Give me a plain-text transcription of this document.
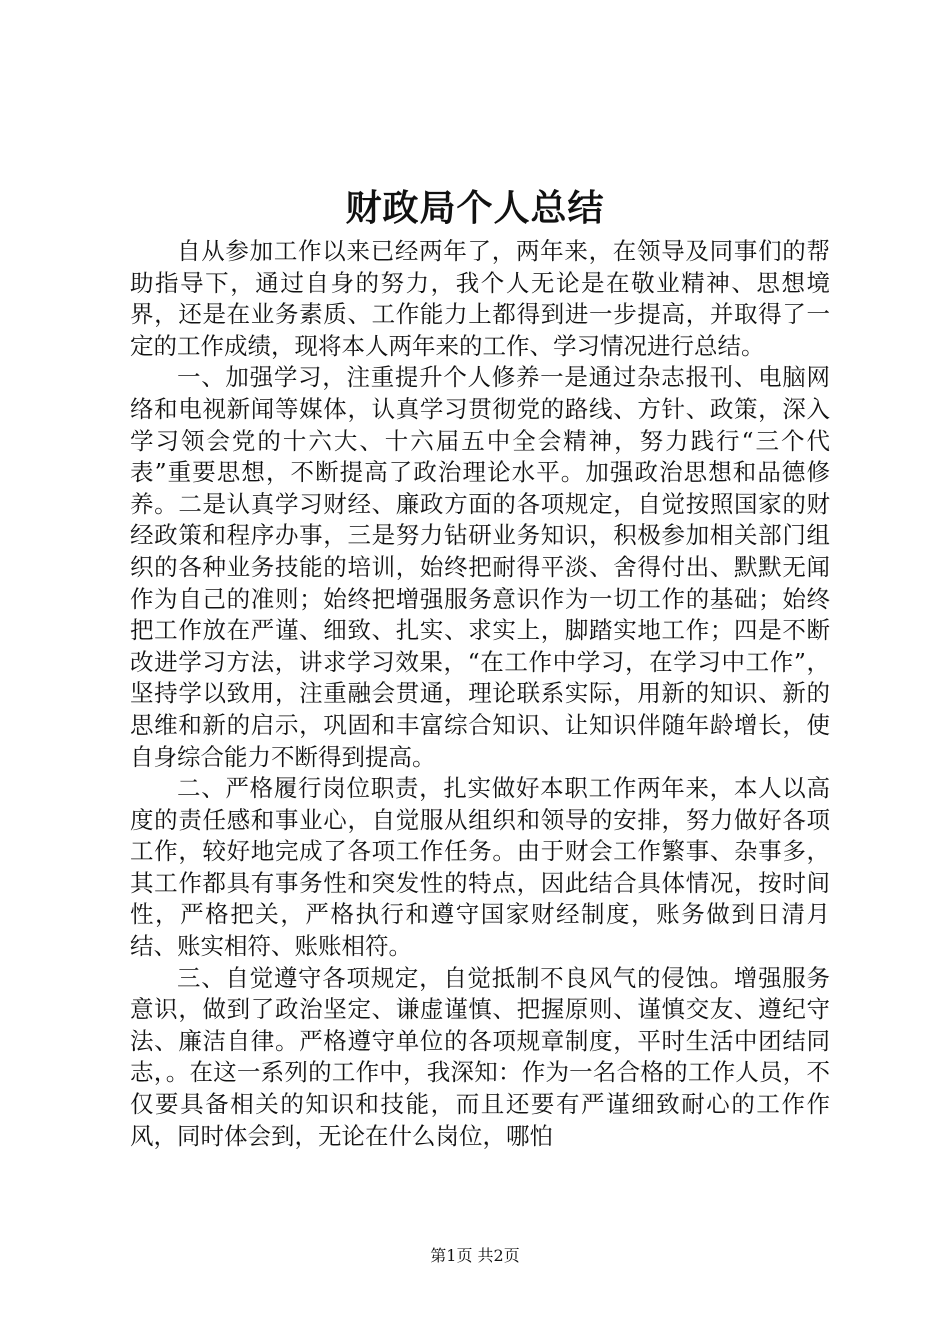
财政局个人总结

自从参加工作以来已经两年了，两年来，在领导及同事们的帮助指导下，通过自身的努力，我个人无论是在敬业精神、思想境界，还是在业务素质、工作能力上都得到进一步提高，并取得了一定的工作成绩，现将本人两年来的工作、学习情况进行总结。

一、加强学习，注重提升个人修养一是通过杂志报刊、电脑网络和电视新闻等媒体，认真学习贯彻党的路线、方针、政策，深入学习领会党的十六大、十六届五中全会精神，努力践行“三个代表”重要思想，不断提高了政治理论水平。加强政治思想和品德修养。二是认真学习财经、廉政方面的各项规定，自觉按照国家的财经政策和程序办事，三是努力钻研业务知识，积极参加相关部门组织的各种业务技能的培训，始终把耐得平淡、舍得付出、默默无闻作为自己的准则；始终把增强服务意识作为一切工作的基础；始终把工作放在严谨、细致、扎实、求实上，脚踏实地工作；四是不断改进学习方法，讲求学习效果，“在工作中学习，在学习中工作”，坚持学以致用，注重融会贯通，理论联系实际，用新的知识、新的思维和新的启示，巩固和丰富综合知识、让知识伴随年龄增长，使自身综合能力不断得到提高。

二、严格履行岗位职责，扎实做好本职工作两年来，本人以高度的责任感和事业心，自觉服从组织和领导的安排，努力做好各项工作，较好地完成了各项工作任务。由于财会工作繁事、杂事多，其工作都具有事务性和突发性的特点，因此结合具体情况，按时间性，严格把关，严格执行和遵守国家财经制度，账务做到日清月结、账实相符、账账相符。

三、自觉遵守各项规定，自觉抵制不良风气的侵蚀。增强服务意识，做到了政治坚定、谦虚谨慎、把握原则、谨慎交友、遵纪守法、廉洁自律。严格遵守单位的各项规章制度，平时生活中团结同志，。在这一系列的工作中，我深知：作为一名合格的工作人员，不仅要具备相关的知识和技能，而且还要有严谨细致耐心的工作作风，同时体会到，无论在什么岗位，哪怕

第1页 共2页
